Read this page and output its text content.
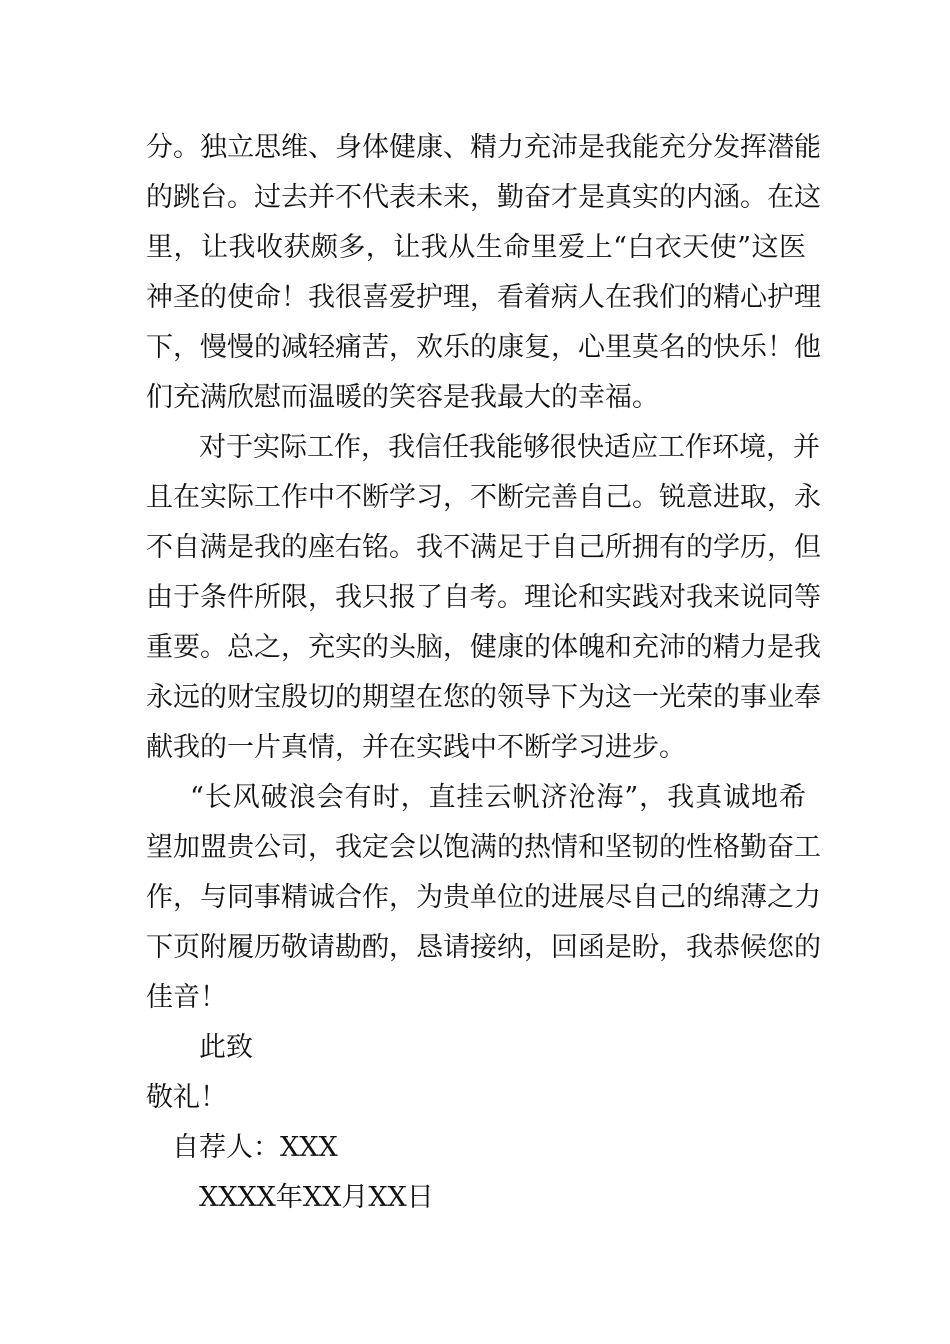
分。独立思维、身体健康、精力充沛是我能充分发挥潜能
的跳台。过去并不代表未来，勤奋才是真实的内涵。在这
里，让我收获颇多，让我从生命里爱上“白衣天使”这医
神圣的使命！我很喜爱护理，看着病人在我们的精心护理
下，慢慢的减轻痛苦，欢乐的康复，心里莫名的快乐！他
们充满欣慰而温暖的笑容是我最大的幸福。
对于实际工作，我信任我能够很快适应工作环境，并
且在实际工作中不断学习，不断完善自己。锐意进取，永
不自满是我的座右铭。我不满足于自己所拥有的学历，但
由于条件所限，我只报了自考。理论和实践对我来说同等
重要。总之，充实的头脑，健康的体魄和充沛的精力是我
永远的财宝殷切的期望在您的领导下为这一光荣的事业奉
献我的一片真情，并在实践中不断学习进步。
“长风破浪会有时，直挂云帆济沧海”，我真诚地希
望加盟贵公司，我定会以饱满的热情和坚韧的性格勤奋工
作，与同事精诚合作，为贵单位的进展尽自己的绵薄之力
下页附履历敬请勘酌，恳请接纳，回函是盼，我恭候您的
佳音！
此致
敬礼！
自荐人：XXX
XXXX年XX月XX日
